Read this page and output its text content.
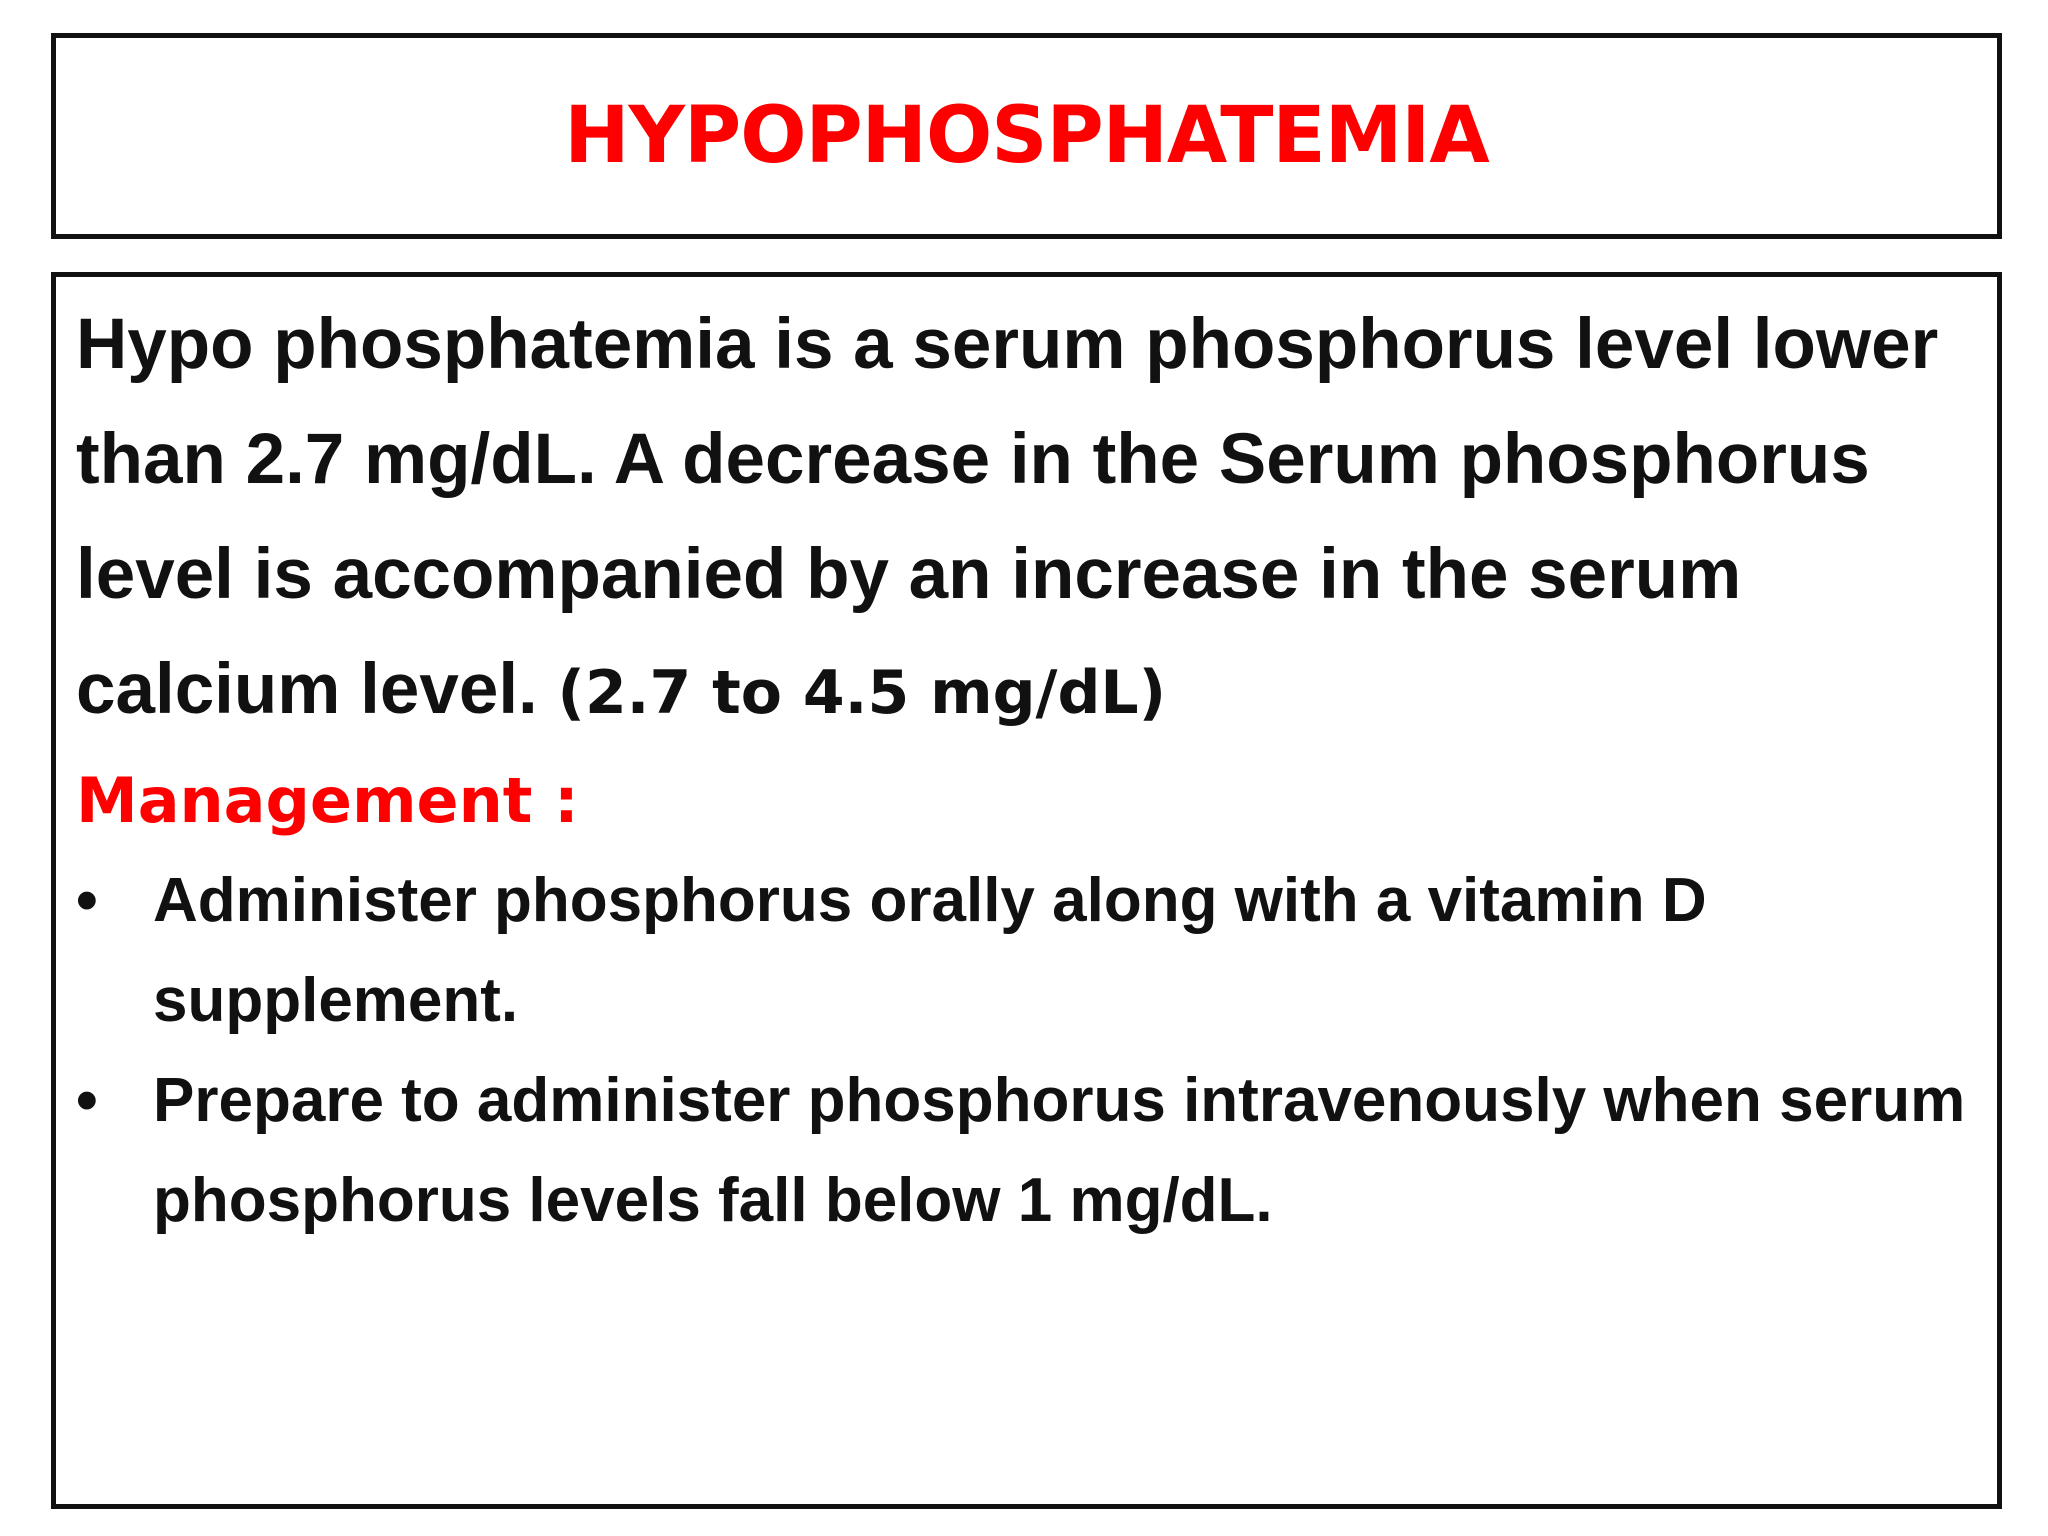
HYPOPHOSPHATEMIA

Hypo phosphatemia is a serum phosphorus level lower than 2.7 mg/dL. A decrease in the Serum phosphorus level is accompanied by an increase in the serum calcium level. (2.7 to 4.5 mg/dL)

Management :
• Administer phosphorus orally along with a vitamin D supplement.
• Prepare to administer phosphorus intravenously when serum phosphorus levels fall below 1 mg/dL.
